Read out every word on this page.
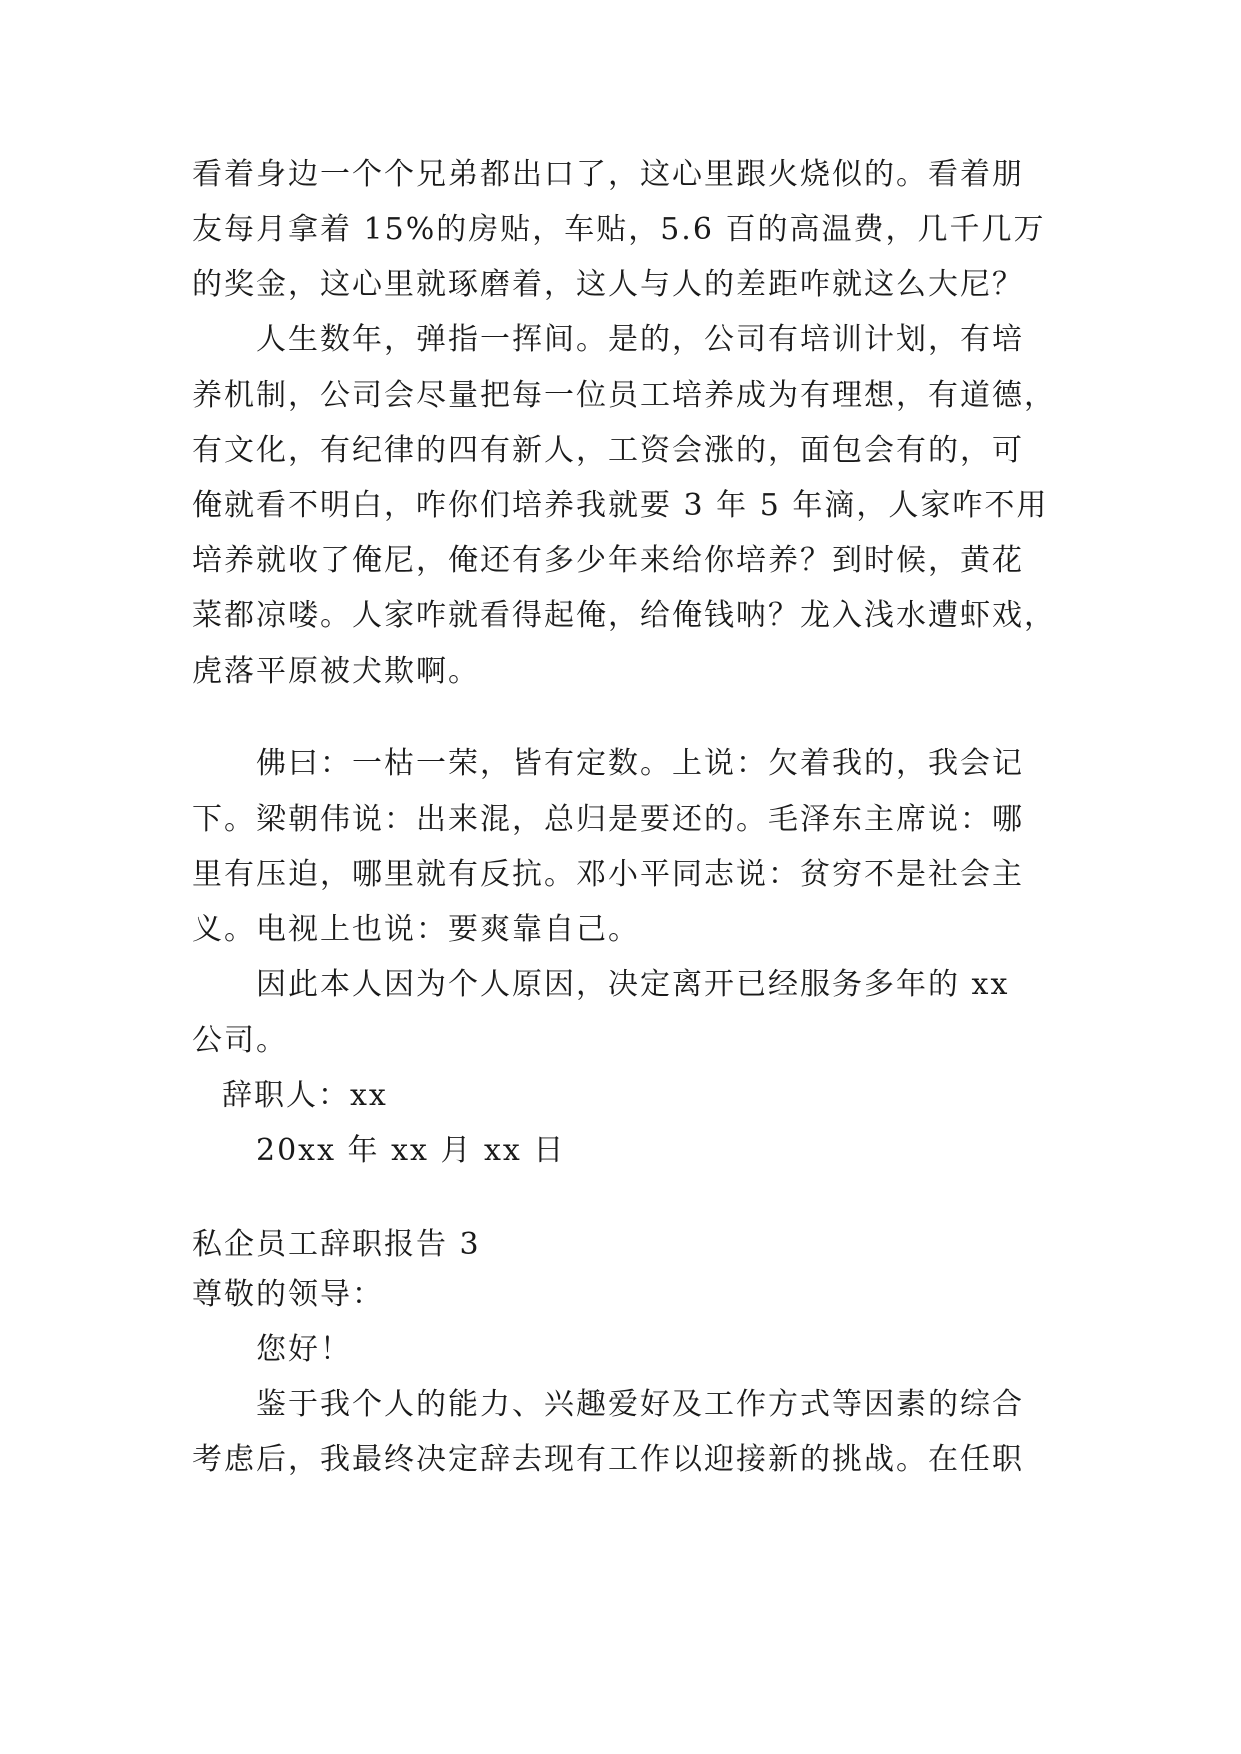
看着身边一个个兄弟都出口了，这心里跟火烧似的。看着朋
友每月拿着 15%的房贴，车贴，5.6 百的高温费，几千几万
的奖金，这心里就琢磨着，这人与人的差距咋就这么大尼？
人生数年，弹指一挥间。是的，公司有培训计划，有培
养机制，公司会尽量把每一位员工培养成为有理想，有道德，
有文化，有纪律的四有新人，工资会涨的，面包会有的，可
俺就看不明白，咋你们培养我就要 3 年 5 年滴，人家咋不用
培养就收了俺尼，俺还有多少年来给你培养？到时候，黄花
菜都凉喽。人家咋就看得起俺，给俺钱呐？龙入浅水遭虾戏，
虎落平原被犬欺啊。
佛曰：一枯一荣，皆有定数。上说：欠着我的，我会记
下。梁朝伟说：出来混，总归是要还的。毛泽东主席说：哪
里有压迫，哪里就有反抗。邓小平同志说：贫穷不是社会主
义。电视上也说：要爽靠自己。
因此本人因为个人原因，决定离开已经服务多年的 xx
公司。
辞职人：xx
20xx 年 xx 月 xx 日
私企员工辞职报告 3
尊敬的领导：
您好！
鉴于我个人的能力、兴趣爱好及工作方式等因素的综合
考虑后，我最终决定辞去现有工作以迎接新的挑战。在任职
